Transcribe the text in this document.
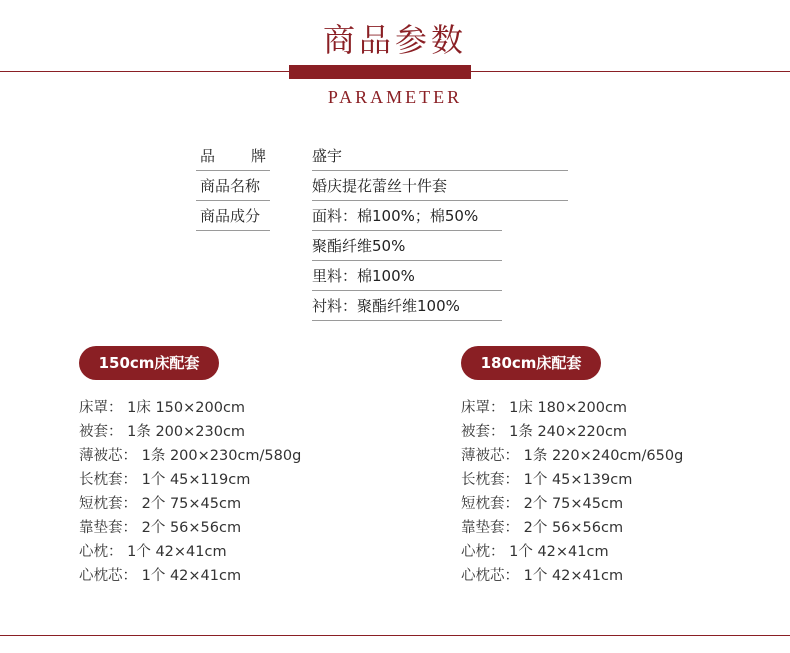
商品参数
PARAMETER
品 牌	盛宇
商品名称	婚庆提花蕾丝十件套
商品成分	面料：棉100%；棉50%
聚酯纤维50%
里料：棉100%
衬料：聚酯纤维100%
150cm床配套
床罩： 1床 150×200cm
被套： 1条 200×230cm
薄被芯： 1条 200×230cm/580g
长枕套： 1个 45×119cm
短枕套： 2个 75×45cm
靠垫套： 2个 56×56cm
心枕： 1个 42×41cm
心枕芯： 1个 42×41cm
180cm床配套
床罩： 1床 180×200cm
被套： 1条 240×220cm
薄被芯： 1条 220×240cm/650g
长枕套： 1个 45×139cm
短枕套： 2个 75×45cm
靠垫套： 2个 56×56cm
心枕： 1个 42×41cm
心枕芯： 1个 42×41cm
